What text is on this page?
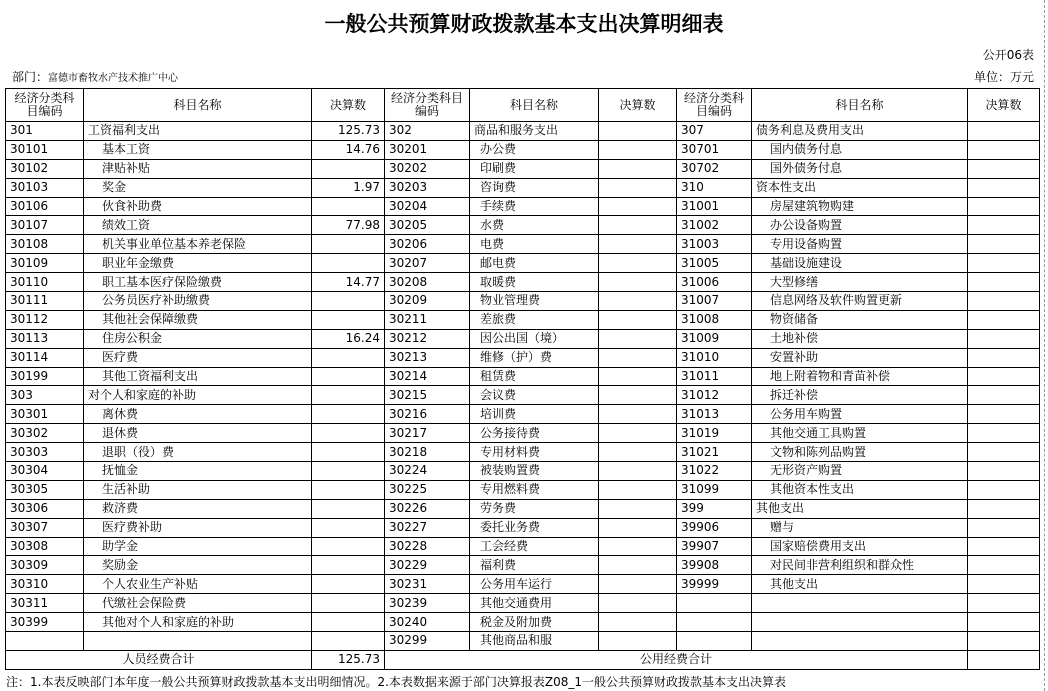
一般公共预算财政拨款基本支出决算明细表
公开06表
部门：富德市畜牧水产技术推广中心	单位：万元
经济分类科目编码	科目名称	决算数	经济分类科目编码	科目名称	决算数	经济分类科目编码	科目名称	决算数
301	工资福利支出	125.73	302	商品和服务支出		307	债务利息及费用支出	
30101	基本工资	14.76	30201	办公费		30701	国内债务付息	
30102	津贴补贴		30202	印刷费		30702	国外债务付息	
30103	奖金	1.97	30203	咨询费		310	资本性支出	
30106	伙食补助费		30204	手续费		31001	房屋建筑物购建	
30107	绩效工资	77.98	30205	水费		31002	办公设备购置	
30108	机关事业单位基本养老保险		30206	电费		31003	专用设备购置	
30109	职业年金缴费		30207	邮电费		31005	基础设施建设	
30110	职工基本医疗保险缴费	14.77	30208	取暖费		31006	大型修缮	
30111	公务员医疗补助缴费		30209	物业管理费		31007	信息网络及软件购置更新	
30112	其他社会保障缴费		30211	差旅费		31008	物资储备	
30113	住房公积金	16.24	30212	因公出国（境）		31009	土地补偿	
30114	医疗费		30213	维修（护）费		31010	安置补助	
30199	其他工资福利支出		30214	租赁费		31011	地上附着物和青苗补偿	
303	对个人和家庭的补助		30215	会议费		31012	拆迁补偿	
30301	离休费		30216	培训费		31013	公务用车购置	
30302	退休费		30217	公务接待费		31019	其他交通工具购置	
30303	退职（役）费		30218	专用材料费		31021	文物和陈列品购置	
30304	抚恤金		30224	被装购置费		31022	无形资产购置	
30305	生活补助		30225	专用燃料费		31099	其他资本性支出	
30306	救济费		30226	劳务费		399	其他支出	
30307	医疗费补助		30227	委托业务费		39906	赠与	
30308	助学金		30228	工会经费		39907	国家赔偿费用支出	
30309	奖励金		30229	福利费		39908	对民间非营利组织和群众性	
30310	个人农业生产补贴		30231	公务用车运行		39999	其他支出	
30311	代缴社会保险费		30239	其他交通费用				
30399	其他对个人和家庭的补助		30240	税金及附加费				
			30299	其他商品和服				
人员经费合计		125.73	公用经费合计					
注：1.本表反映部门本年度一般公共预算财政拨款基本支出明细情况。2.本表数据来源于部门决算报表Z08_1一般公共预算财政拨款基本支出决算表
